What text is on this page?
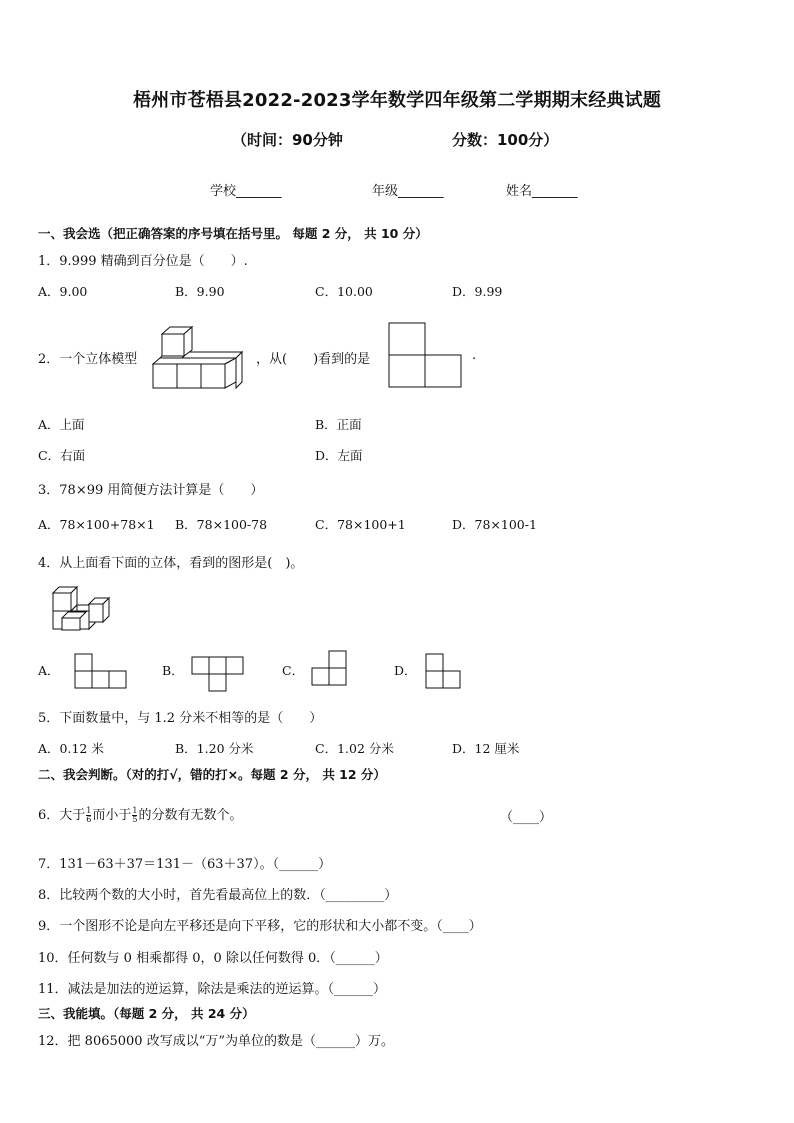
梧州市苍梧县2022-2023学年数学四年级第二学期期末经典试题
（时间：90分钟	分数：100分）
学校_______	年级_______	姓名_______
一、我会选（把正确答案的序号填在括号里。 每题 2 分， 共 10 分）
1．9.999 精确到百分位是（　　）.
A．9.00	B．9.90	C．10.00	D．9.99
2．一个立体模型	，从(　　)看到的是	.
A．上面	B．正面
C．右面	D．左面
3．78×99 用简便方法计算是（　　）
A．78×100+78×1 B．78×100-78	C．78×100+1	D．78×100-1
4．从上面看下面的立体，看到的图形是(　)。
A．	B．	C．	D．
5．下面数量中，与 1.2 分米不相等的是（　　）
A．0.12 米	B．1.20 分米	C．1.02 分米	D．12 厘米
二、我会判断。（对的打√，错的打×。每题 2 分， 共 12 分）
6．大于 $\frac{1}{6}$ 而小于 $\frac{1}{5}$ 的分数有无数个。	（____）
7．131－63＋37＝131－（63＋37）。（______）
8．比较两个数的大小时，首先看最高位上的数．（_________）
9．一个图形不论是向左平移还是向下平移，它的形状和大小都不变。（____）
10．任何数与 0 相乘都得 0，0 除以任何数得 0．（______）
11．减法是加法的逆运算，除法是乘法的逆运算。（______）
三、我能填。（每题 2 分， 共 24 分）
12．把 8065000 改写成以“万”为单位的数是（______）万。
